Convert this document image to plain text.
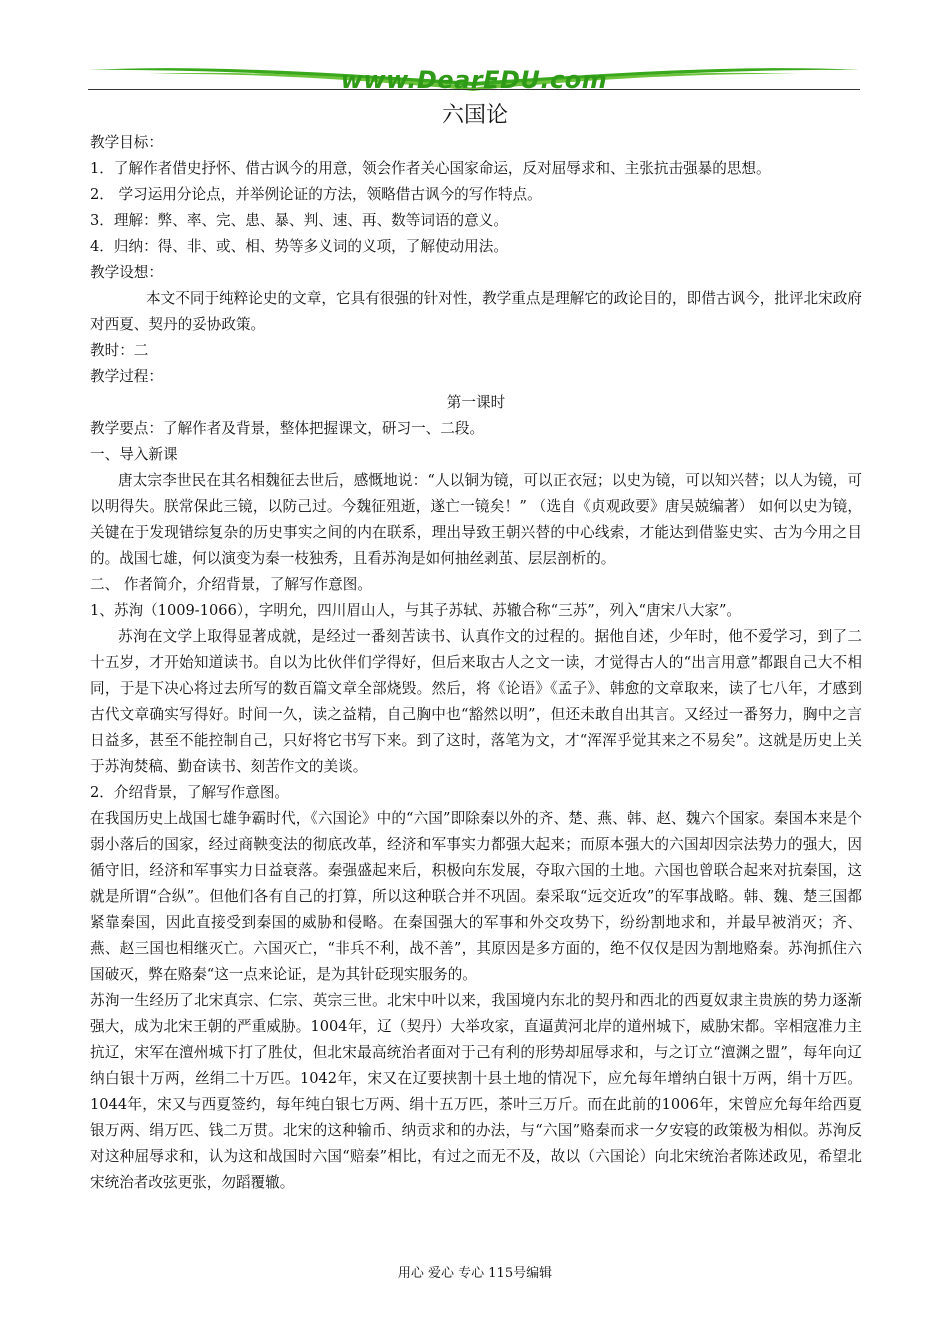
www.DearEDU.com
六国论

教学目标：

1．了解作者借史抒怀、借古讽今的用意，领会作者关心国家命运，反对屈辱求和、主张抗击强暴的思想。

2． 学习运用分论点，并举例论证的方法，领略借古讽今的写作特点。

3．理解：弊、率、完、患、暴、判、速、再、数等词语的意义。

4．归纳：得、非、或、相、势等多义词的义项，了解使动用法。

教学设想：

本文不同于纯粹论史的文章，它具有很强的针对性，教学重点是理解它的政论目的，即借古讽今，批评北宋政府对西夏、契丹的妥协政策。

教时：二

教学过程：

第一课时

教学要点：了解作者及背景，整体把握课文，研习一、二段。

一、导入新课

唐太宗李世民在其名相魏征去世后，感慨地说：“人以铜为镜，可以正衣冠；以史为镜，可以知兴替；以人为镜，可以明得失。朕常保此三镜，以防己过。今魏征殂逝，遂亡一镜矣！” （选自《贞观政要》唐吴兢编著） 如何以史为镜，关键在于发现错综复杂的历史事实之间的内在联系，理出导致王朝兴替的中心线索，才能达到借鉴史实、古为今用之目的。战国七雄，何以演变为秦一枝独秀，且看苏洵是如何抽丝剥茧、层层剖析的。

二、 作者简介，介绍背景，了解写作意图。

1、苏洵（1009-1066），字明允，四川眉山人，与其子苏轼、苏辙合称“三苏”，列入“唐宋八大家”。

苏洵在文学上取得显著成就，是经过一番刻苦读书、认真作文的过程的。据他自述，少年时，他不爱学习，到了二十五岁，才开始知道读书。自以为比伙伴们学得好，但后来取古人之文一读，才觉得古人的“出言用意”都跟自己大不相同，于是下决心将过去所写的数百篇文章全部烧毁。然后，将《论语》《孟子》、韩愈的文章取来，读了七八年，才感到古代文章确实写得好。时间一久，读之益精，自己胸中也“豁然以明”，但还未敢自出其言。又经过一番努力，胸中之言日益多，甚至不能控制自己，只好将它书写下来。到了这时，落笔为文，才“浑浑乎觉其来之不易矣”。这就是历史上关于苏洵焚稿、勤奋读书、刻苦作文的美谈。

2．介绍背景，了解写作意图。

在我国历史上战国七雄争霸时代，《六国论》中的“六国”即除秦以外的齐、楚、燕、韩、赵、魏六个国家。秦国本来是个弱小落后的国家，经过商鞅变法的彻底改革，经济和军事实力都强大起来；而原本强大的六国却因宗法势力的强大，因循守旧，经济和军事实力日益衰落。秦强盛起来后，积极向东发展，夺取六国的土地。六国也曾联合起来对抗秦国，这就是所谓“合纵”。但他们各有自己的打算，所以这种联合并不巩固。秦采取“远交近攻”的军事战略。韩、魏、楚三国都紧靠秦国，因此直接受到秦国的威胁和侵略。在秦国强大的军事和外交攻势下，纷纷割地求和，并最早被消灭；齐、燕、赵三国也相继灭亡。六国灭亡，“非兵不利，战不善”，其原因是多方面的，绝不仅仅是因为割地赂秦。苏洵抓住六国破灭，弊在赂秦“这一点来论证，是为其针砭现实服务的。

苏洵一生经历了北宋真宗、仁宗、英宗三世。北宋中叶以来，我国境内东北的契丹和西北的西夏奴隶主贵族的势力逐渐强大，成为北宋王朝的严重威胁。1004年，辽（契丹）大举攻家，直逼黄河北岸的道州城下，威胁宋都。宰相寇准力主抗辽，宋军在澶州城下打了胜仗，但北宋最高统治者面对于己有利的形势却屈辱求和，与之订立“澶渊之盟”，每年向辽纳白银十万两，丝绢二十万匹。1042年，宋又在辽要挟割十县土地的情况下，应允每年增纳白银十万两，绢十万匹。1044年，宋又与西夏签约，每年纯白银七万两、绢十五万匹，茶叶三万斤。而在此前的1006年，宋曾应允每年给西夏银万两、绢万匹、钱二万贯。北宋的这种输币、纳贡求和的办法，与“六国”赂秦而求一夕安寝的政策极为相似。苏洵反对这种屈辱求和，认为这和战国时六国“赔秦”相比，有过之而无不及，故以（六国论）向北宋统治者陈述政见，希望北宋统治者改弦更张，勿蹈覆辙。

用心 爱心 专心 115号编辑
